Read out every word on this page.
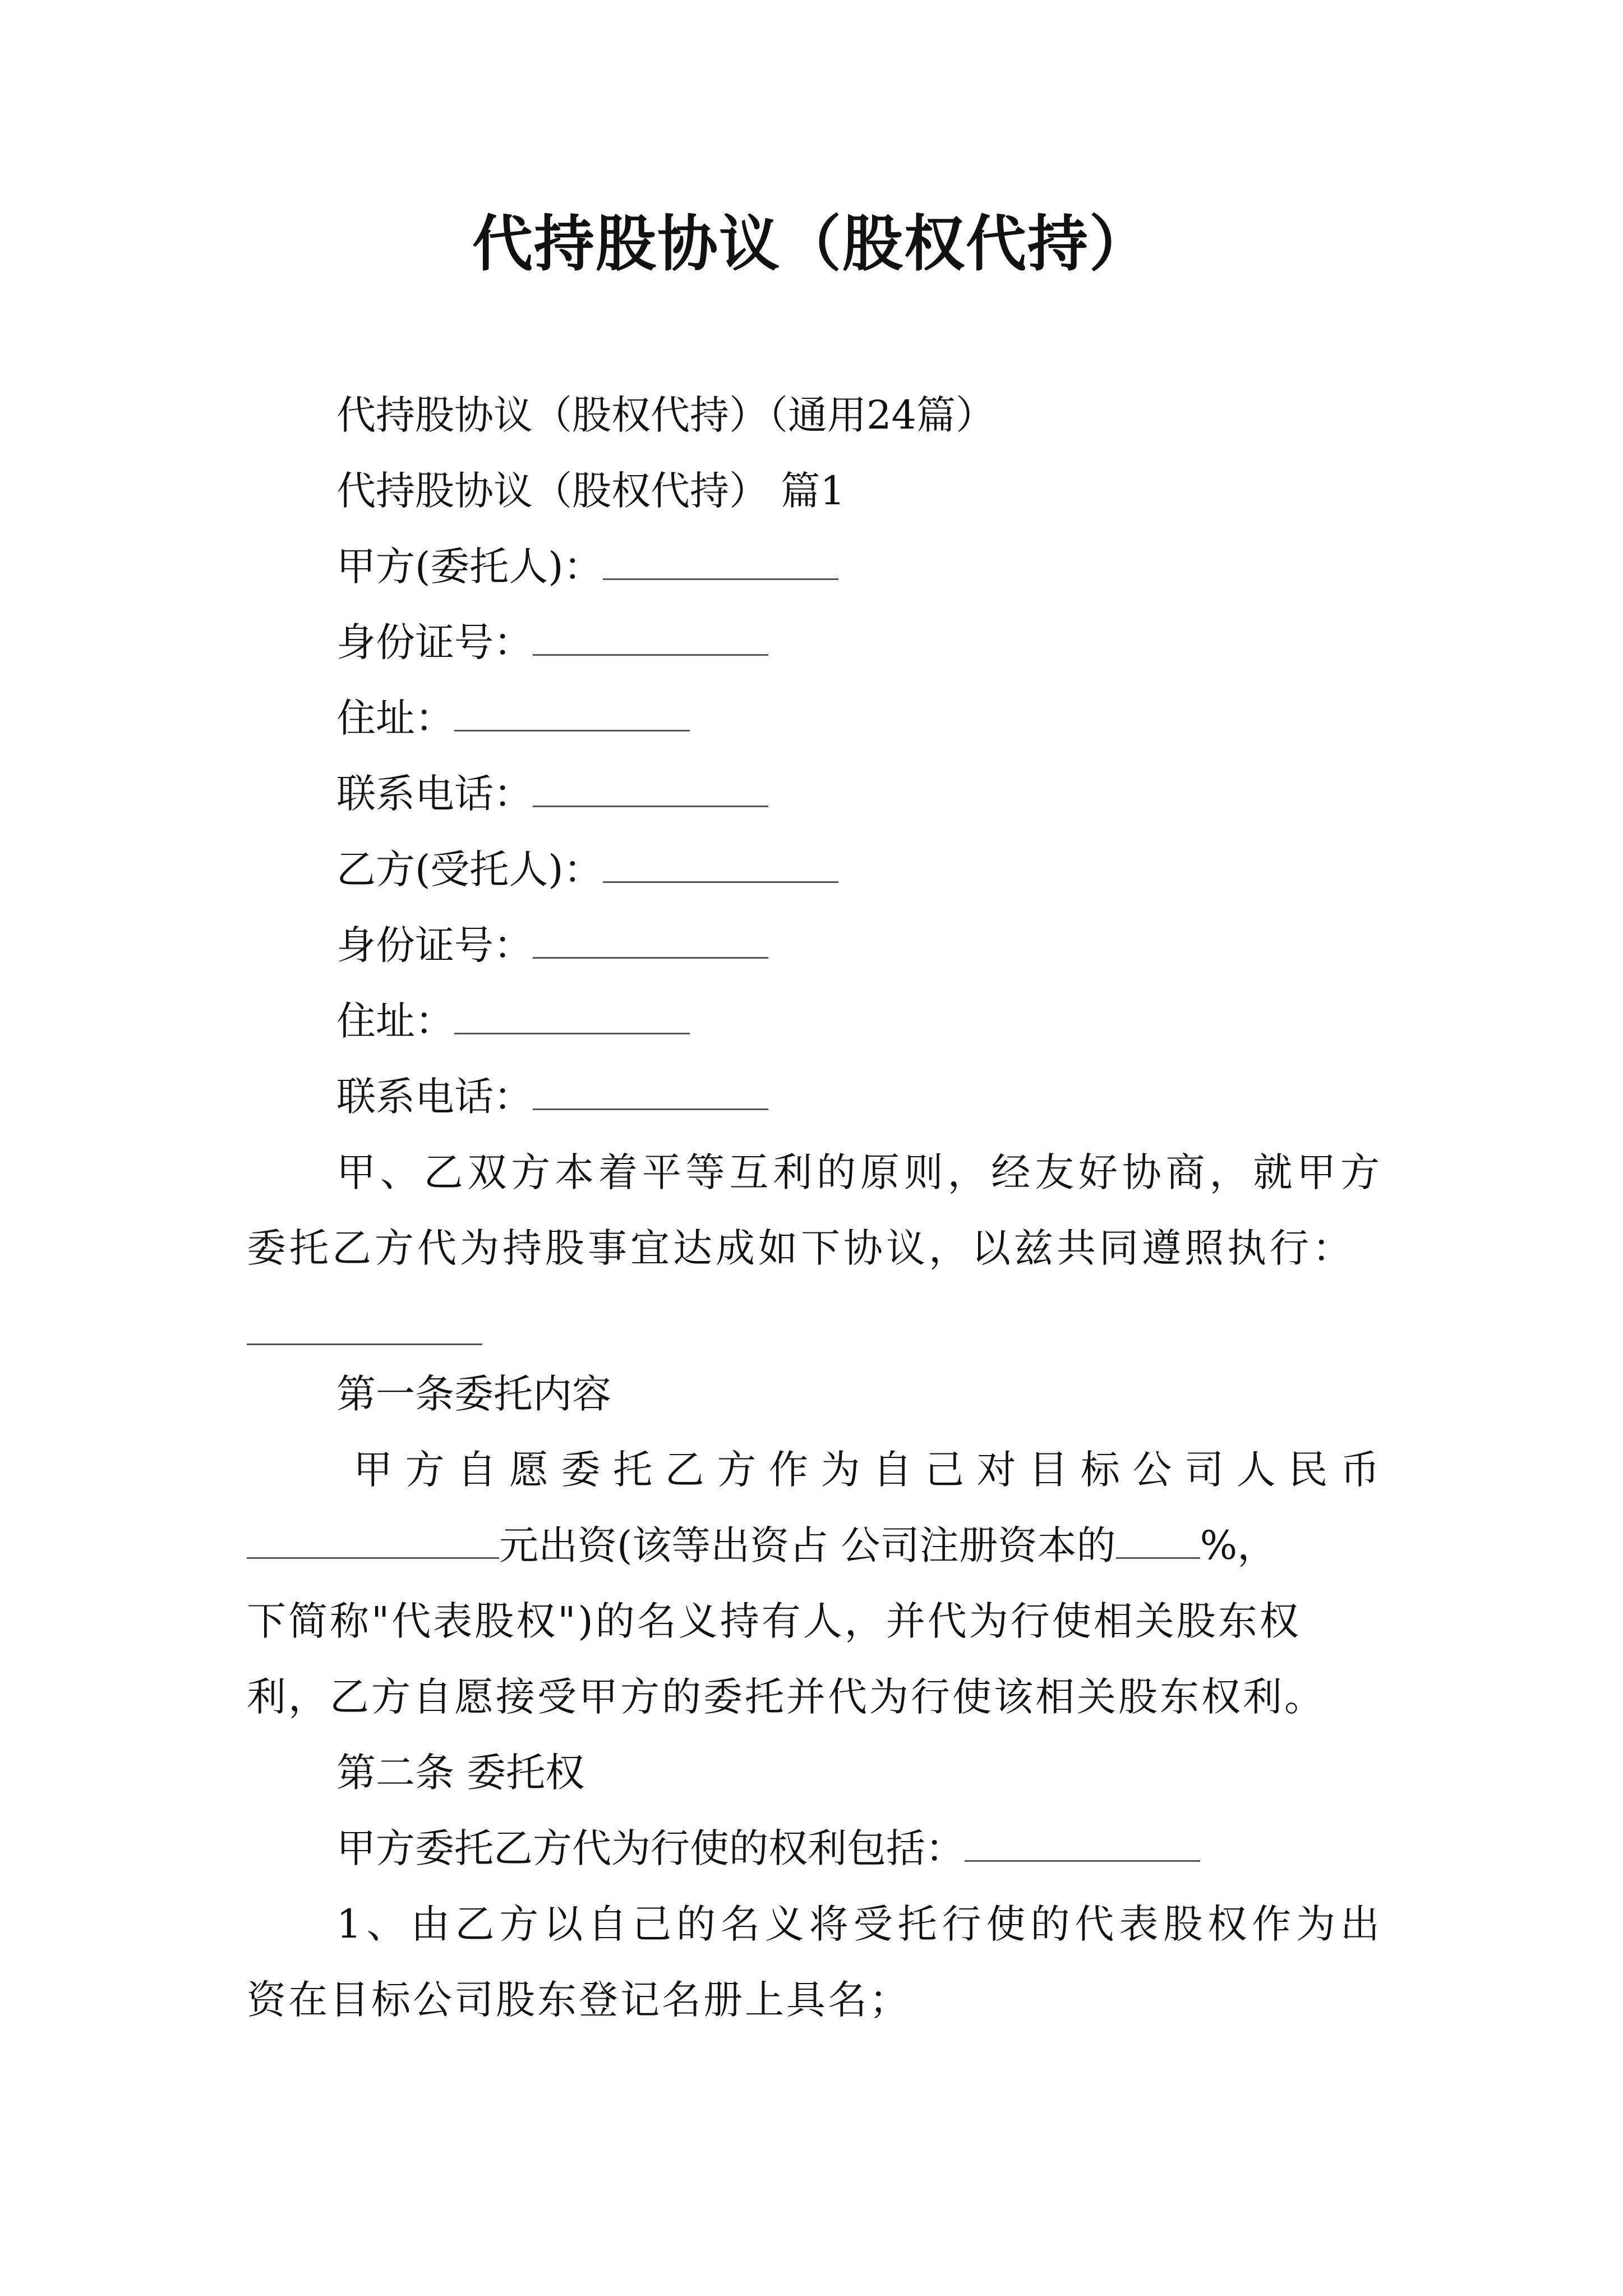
代持股协议（股权代持）
代持股协议（股权代持）（通用24篇）
代持股协议（股权代持） 篇1
甲方(委托人)：
身份证号：
住址：
联系电话：
乙方(受托人)：
身份证号：
住址：
联系电话：
甲、乙双方本着平等互利的原则，经友好协商，就甲方
委托乙方代为持股事宜达成如下协议，以兹共同遵照执行：
第一条委托内容
甲方自愿委托乙方作为自己对目标公司人民币
元出资(该等出资占 公司注册资本的 %，
下简称"代表股权")的名义持有人，并代为行使相关股东权
利，乙方自愿接受甲方的委托并代为行使该相关股东权利。
第二条 委托权
甲方委托乙方代为行使的权利包括：
1、由乙方以自己的名义将受托行使的代表股权作为出
资在目标公司股东登记名册上具名；
